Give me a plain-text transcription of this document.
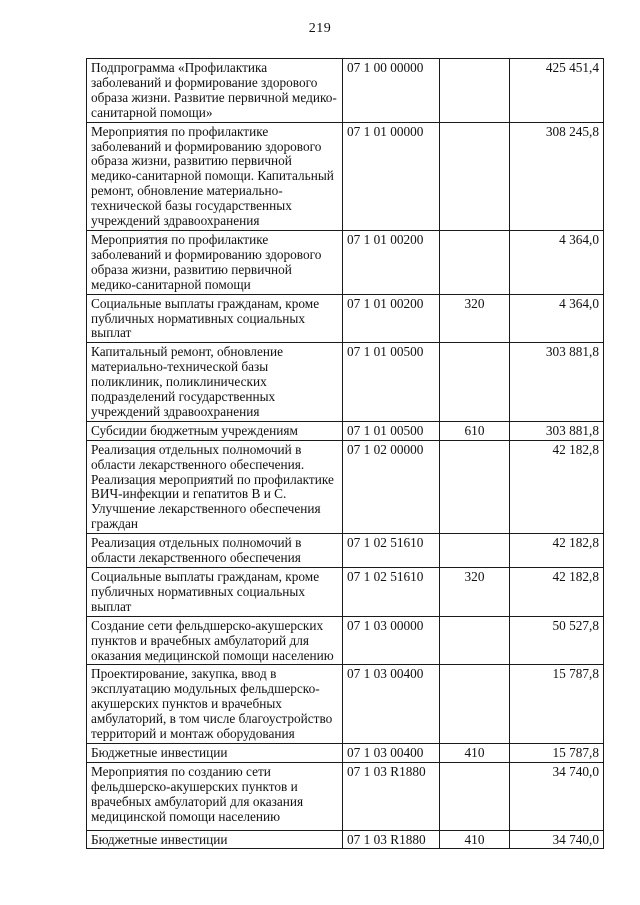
219
Подпрограмма «Профилактика заболеваний и формирование здорового образа жизни. Развитие первичной медико-санитарной помощи»	07 1 00 00000		425 451,4
Мероприятия по профилактике заболеваний и формированию здорового образа жизни, развитию первичной медико-санитарной помощи. Капитальный ремонт, обновление материально-технической базы государственных учреждений здравоохранения	07 1 01 00000		308 245,8
Мероприятия по профилактике заболеваний и формированию здорового образа жизни, развитию первичной медико-санитарной помощи	07 1 01 00200		4 364,0
Социальные выплаты гражданам, кроме публичных нормативных социальных выплат	07 1 01 00200	320	4 364,0
Капитальный ремонт, обновление материально-технической базы поликлиник, поликлинических подразделений государственных учреждений здравоохранения	07 1 01 00500		303 881,8
Субсидии бюджетным учреждениям	07 1 01 00500	610	303 881,8
Реализация отдельных полномочий в области лекарственного обеспечения. Реализация мероприятий по профилактике ВИЧ-инфекции и гепатитов В и С. Улучшение лекарственного обеспечения граждан	07 1 02 00000		42 182,8
Реализация отдельных полномочий в области лекарственного обеспечения	07 1 02 51610		42 182,8
Социальные выплаты гражданам, кроме публичных нормативных социальных выплат	07 1 02 51610	320	42 182,8
Создание сети фельдшерско-акушерских пунктов и врачебных амбулаторий для оказания медицинской помощи населению	07 1 03 00000		50 527,8
Проектирование, закупка, ввод в эксплуатацию модульных фельдшерско-акушерских пунктов и врачебных амбулаторий, в том числе благоустройство территорий и монтаж оборудования	07 1 03 00400		15 787,8
Бюджетные инвестиции	07 1 03 00400	410	15 787,8
Мероприятия по созданию сети фельдшерско-акушерских пунктов и врачебных амбулаторий для оказания медицинской помощи населению	07 1 03 R1880		34 740,0
Бюджетные инвестиции	07 1 03 R1880	410	34 740,0
